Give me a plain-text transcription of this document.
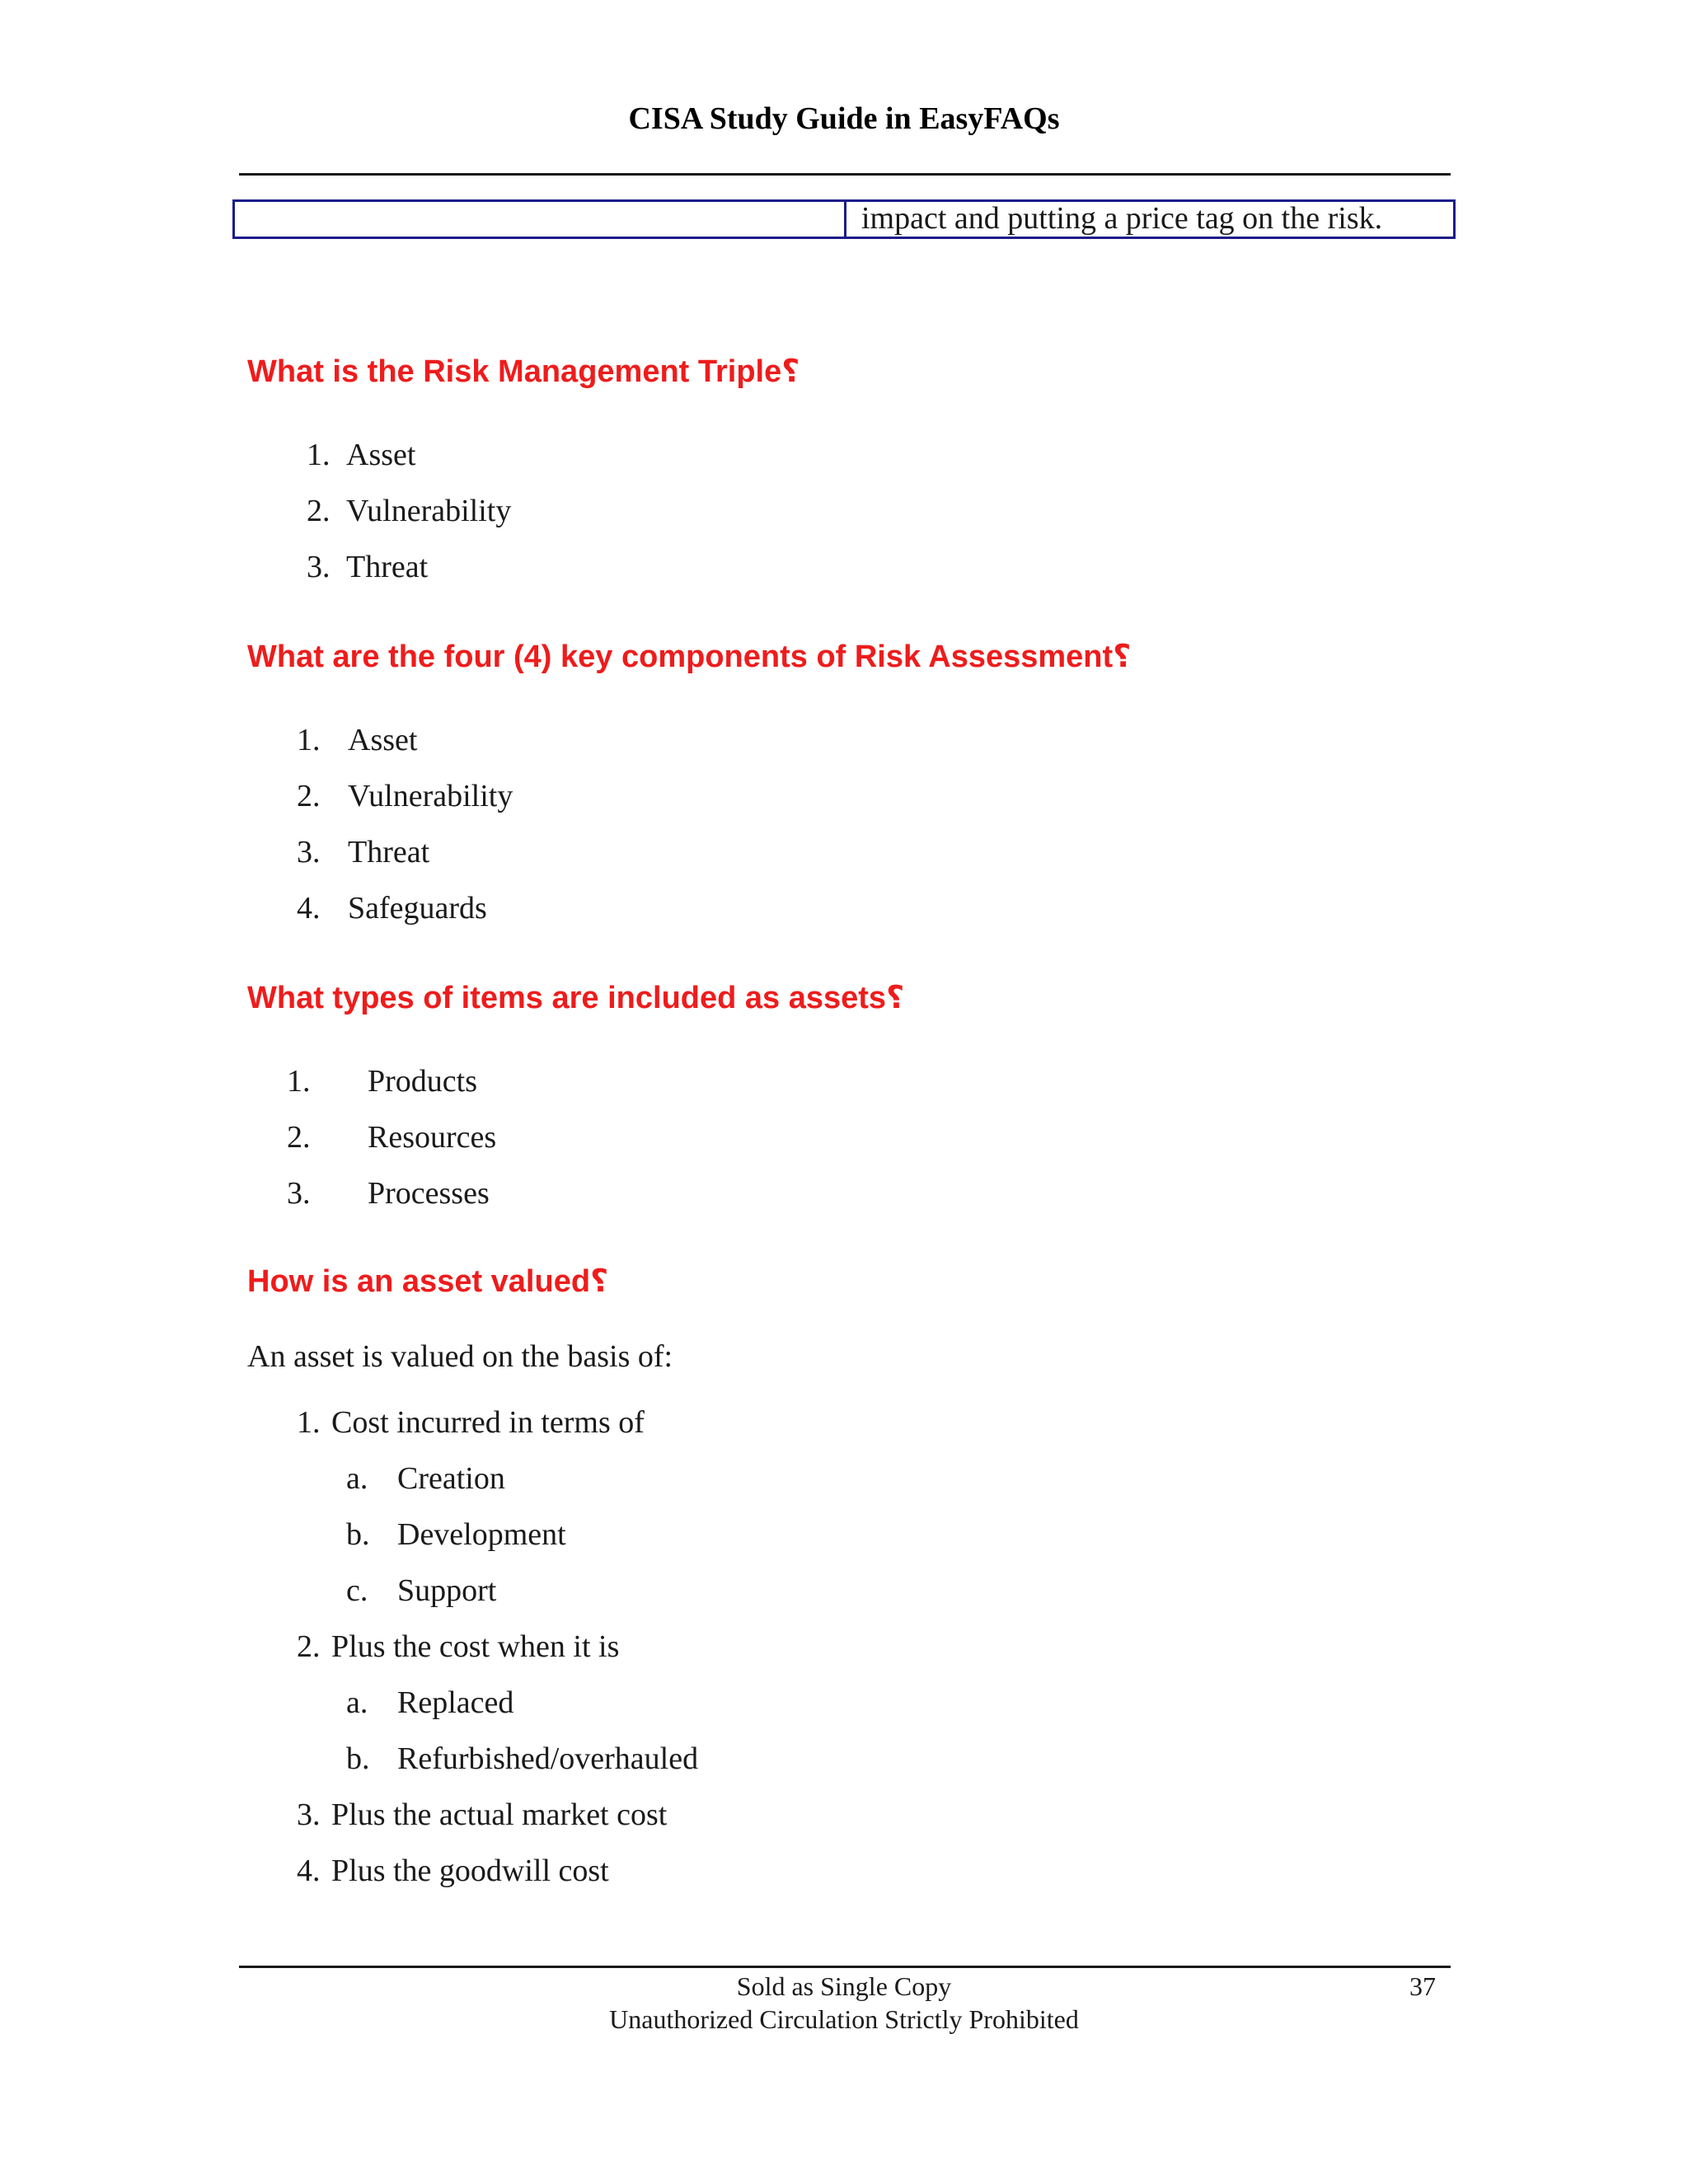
CISA Study Guide in EasyFAQs
impact and putting a price tag on the risk.
What is the Risk Management Triple؟
1. Asset
2. Vulnerability
3. Threat
What are the four (4) key components of Risk Assessment؟
1. Asset
2. Vulnerability
3. Threat
4. Safeguards
What types of items are included as assets؟
1. Products
2. Resources
3. Processes
How is an asset valued؟
An asset is valued on the basis of:
1. Cost incurred in terms of
a. Creation
b. Development
c. Support
2. Plus the cost when it is
a. Replaced
b. Refurbished/overhauled
3. Plus the actual market cost
4. Plus the goodwill cost
Sold as Single Copy
Unauthorized Circulation Strictly Prohibited
37
